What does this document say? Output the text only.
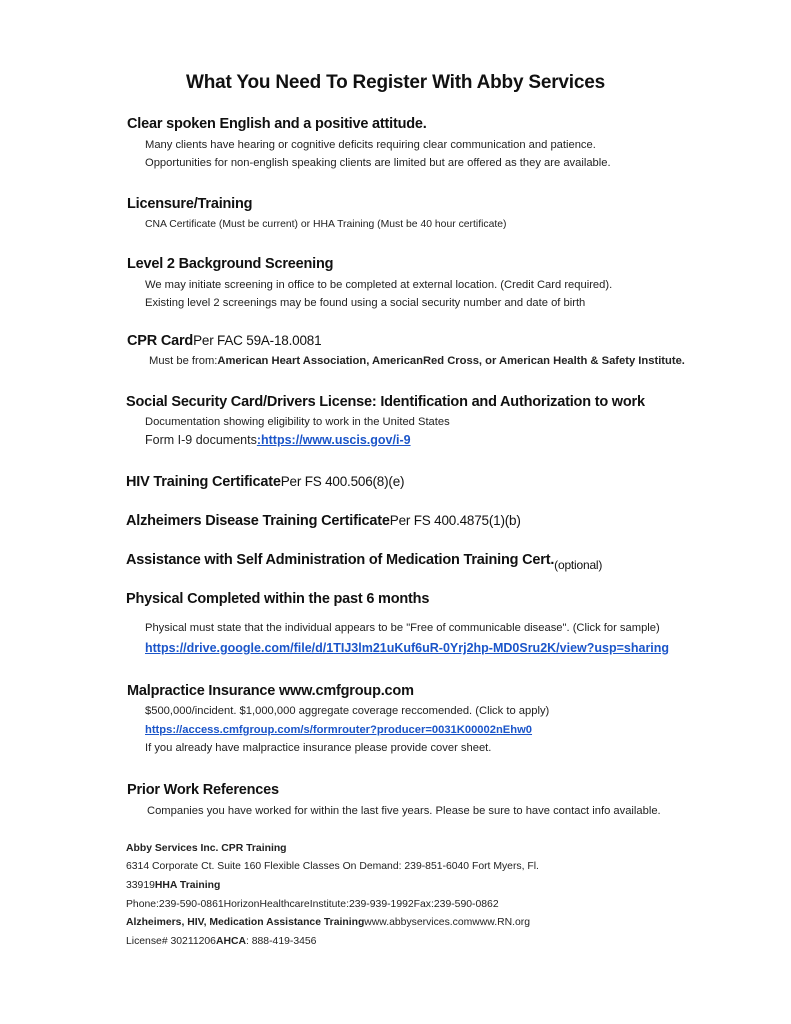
What You Need To Register With Abby Services
Clear spoken English and a positive attitude.
Many clients have hearing or cognitive deficits requiring clear communication and patience.
Opportunities for non-english speaking clients are limited but are offered as they are available.
Licensure/Training
CNA Certificate (Must be current) or HHA Training (Must be 40 hour certificate)
Level 2 Background Screening
We may initiate screening in office to be completed at external location. (Credit Card required).
Existing level 2 screenings may be found using a social security number and date of birth
CPR CardPer FAC 59A-18.0081
Must be from:American Heart Association, AmericanRed Cross, or American Health & Safety Institute.
Social Security Card/Drivers License: Identification and Authorization to work
Documentation showing eligibility to work in the United States
Form I-9 documents:https://www.uscis.gov/i-9
HIV Training CertificatePer FS 400.506(8)(e)
Alzheimers Disease Training CertificatePer FS 400.4875(1)(b)
Assistance with Self Administration of Medication Training $Cert._{(optional)}$
Physical Completed within the past 6 months
Physical must state that the individual appears to be "Free of communicable disease". (Click for sample)
https://drive.google.com/file/d/1TIJ3lm21uKuf6uR-0Yrj2hp-MD0Sru2K/view?usp=sharing
Malpractice Insurance www.cmfgroup.com
$500,000/incident. $1,000,000 aggregate coverage reccomended. (Click to apply)
https://access.cmfgroup.com/s/formrouter?producer=0031K00002nEhw0
If you already have malpractice insurance please provide cover sheet.
Prior Work References
Companies you have worked for within the last five years. Please be sure to have contact info available.
Abby Services Inc. CPR Training
6314 Corporate Ct. Suite 160 Flexible Classes On Demand: 239-851-6040 Fort Myers, Fl.
33919HHA Training
Phone:239-590-0861HorizonHealthcareInstitute:239-939-1992Fax:239-590-0862
Alzheimers, HIV, Medication Assistance Trainingwww.abbyservices.comwww.RN.org
License# 30211206AHCA: 888-419-3456
